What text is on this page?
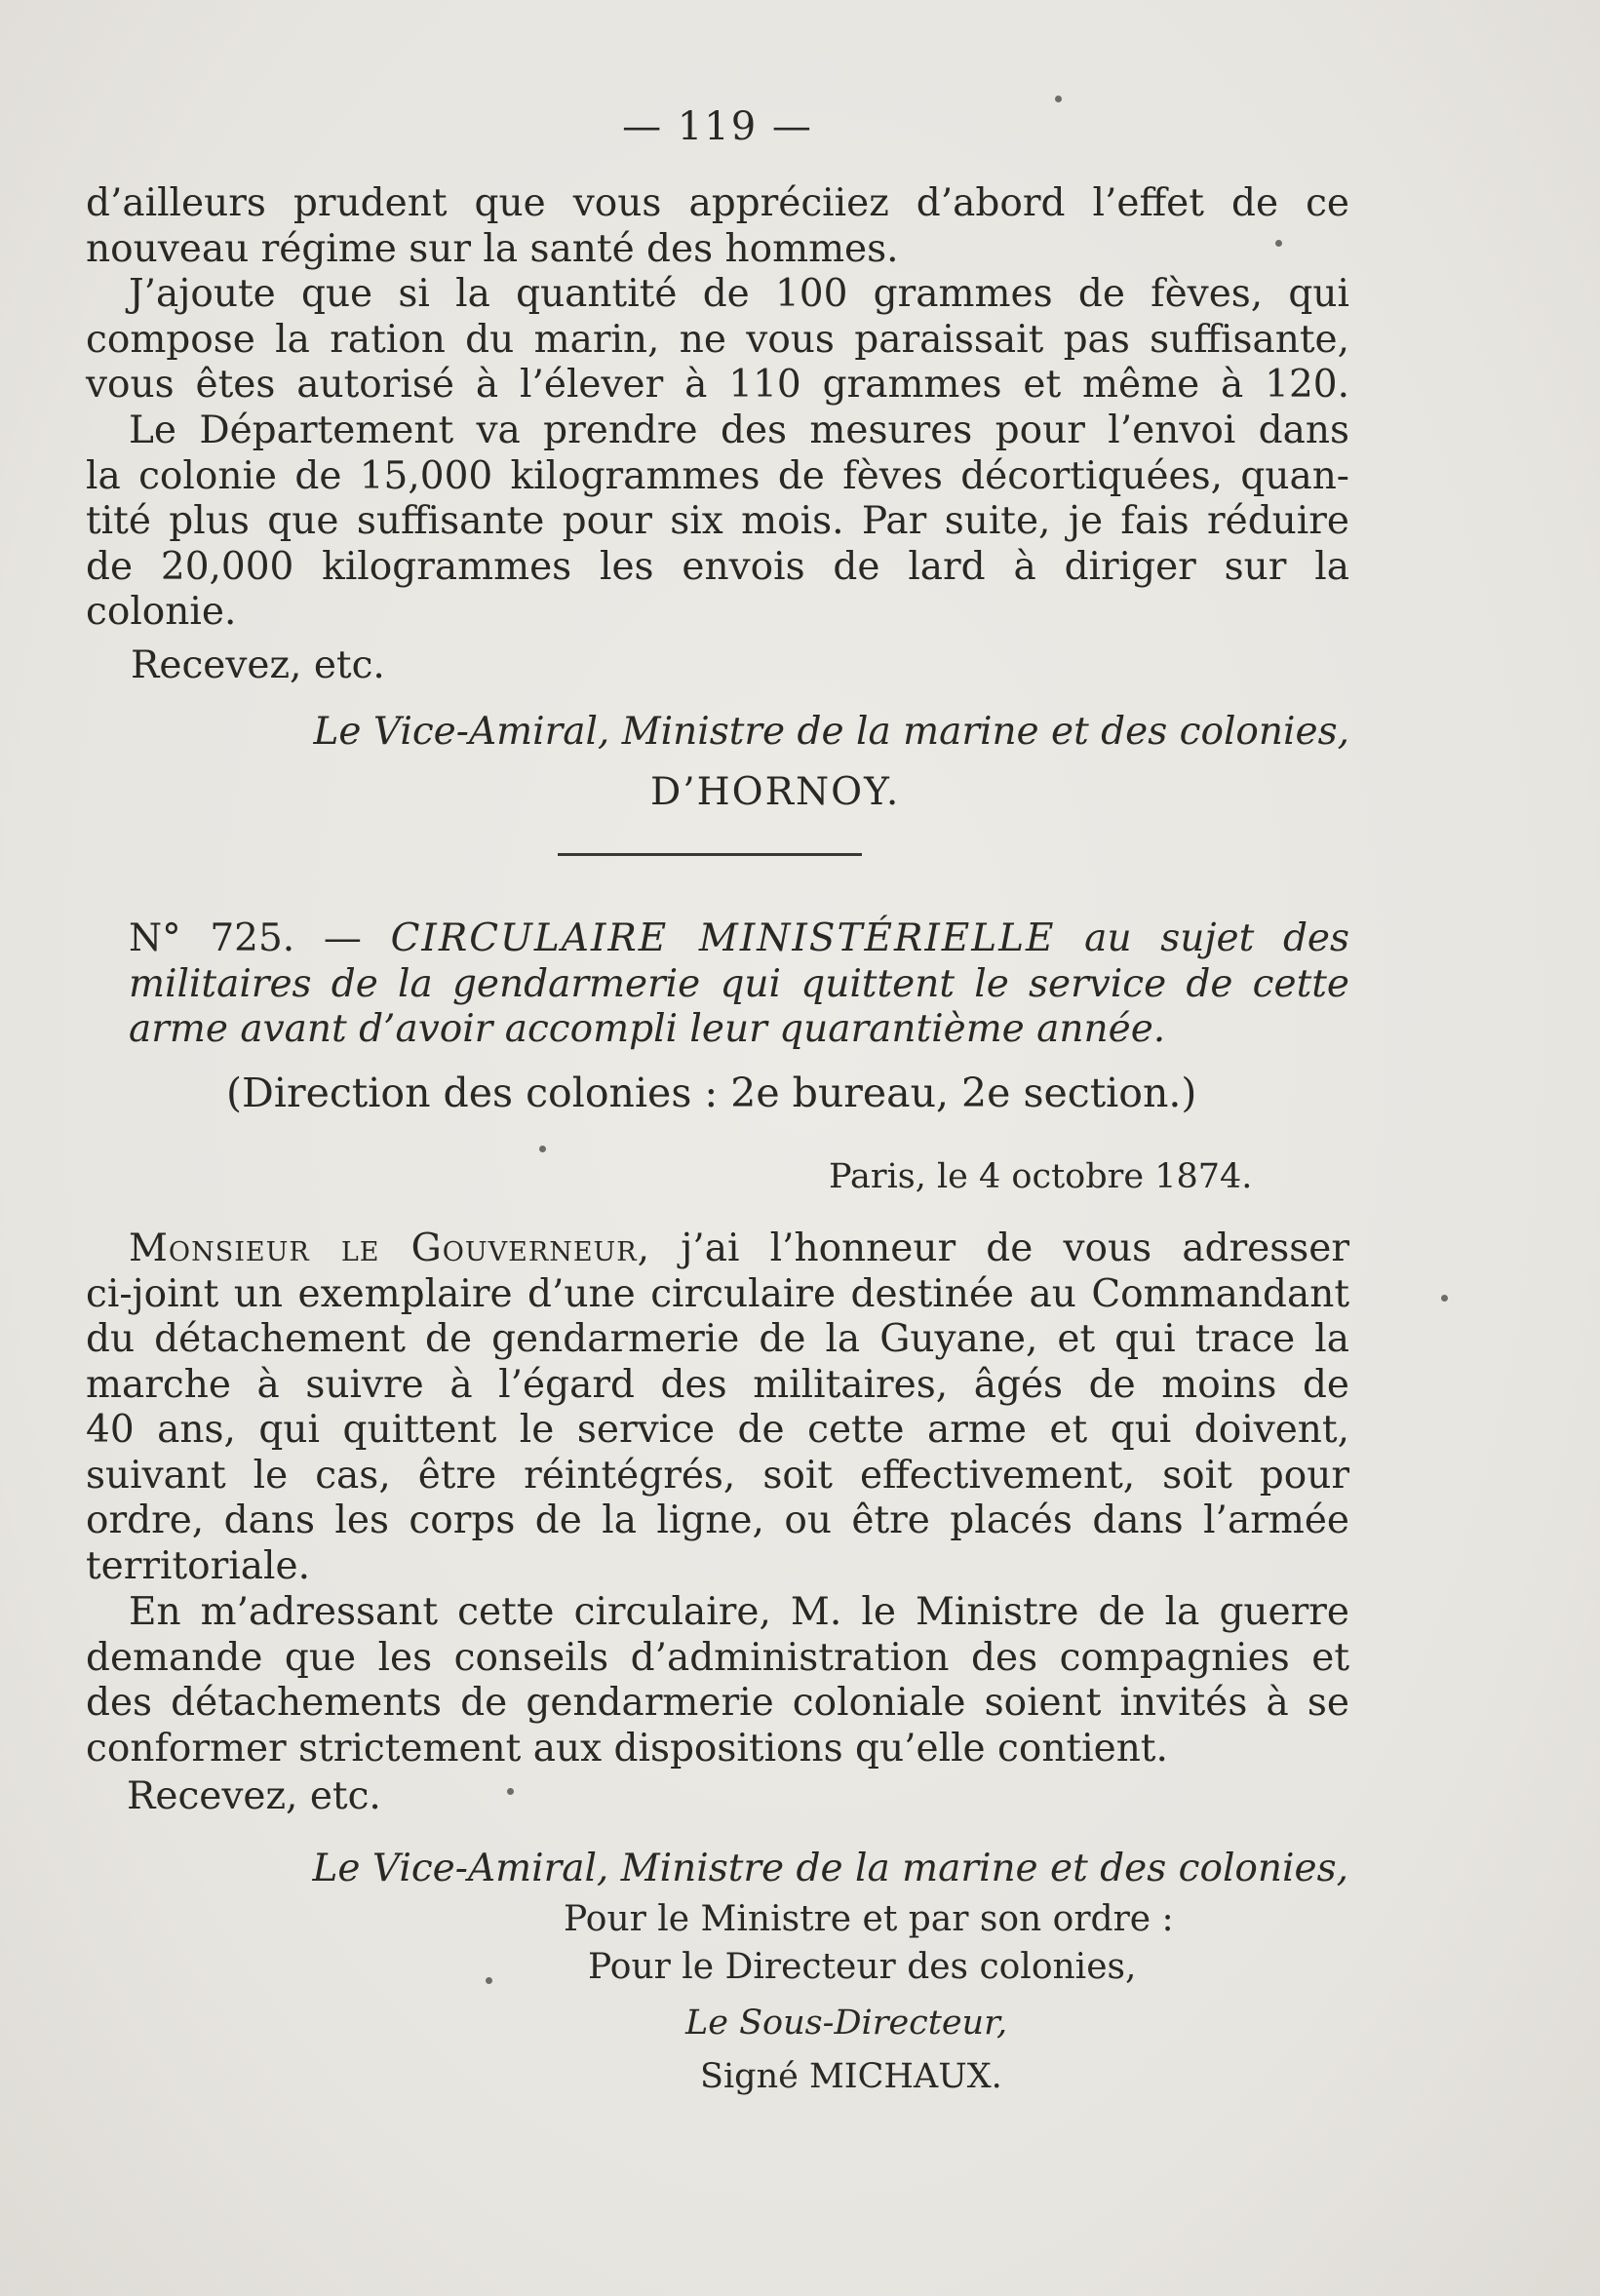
— 119 —
d’ailleurs prudent que vous appréciiez d’abord l’effet de ce
nouveau régime sur la santé des hommes.
J’ajoute que si la quantité de 100 grammes de fèves, qui
compose la ration du marin, ne vous paraissait pas suffisante,
vous êtes autorisé à l’élever à 110 grammes et même à 120.
Le Département va prendre des mesures pour l’envoi dans
la colonie de 15,000 kilogrammes de fèves décortiquées, quan-
tité plus que suffisante pour six mois. Par suite, je fais réduire
de 20,000 kilogrammes les envois de lard à diriger sur la
colonie.
Recevez, etc.
Le Vice-Amiral, Ministre de la marine et des colonies,
D’HORNOY.
N° 725. — CIRCULAIRE MINISTÉRIELLE au sujet des
militaires de la gendarmerie qui quittent le service de cette
arme avant d’avoir accompli leur quarantième année.
(Direction des colonies : 2e bureau, 2e section.)
Paris, le 4 octobre 1874.
Monsieur le Gouverneur, j’ai l’honneur de vous adresser
ci-joint un exemplaire d’une circulaire destinée au Commandant
du détachement de gendarmerie de la Guyane, et qui trace la
marche à suivre à l’égard des militaires, âgés de moins de
40 ans, qui quittent le service de cette arme et qui doivent,
suivant le cas, être réintégrés, soit effectivement, soit pour
ordre, dans les corps de la ligne, ou être placés dans l’armée
territoriale.
En m’adressant cette circulaire, M. le Ministre de la guerre
demande que les conseils d’administration des compagnies et
des détachements de gendarmerie coloniale soient invités à se
conformer strictement aux dispositions qu’elle contient.
Recevez, etc.
Le Vice-Amiral, Ministre de la marine et des colonies,
Pour le Ministre et par son ordre :
Pour le Directeur des colonies,
Le Sous-Directeur,
Signé MICHAUX.
